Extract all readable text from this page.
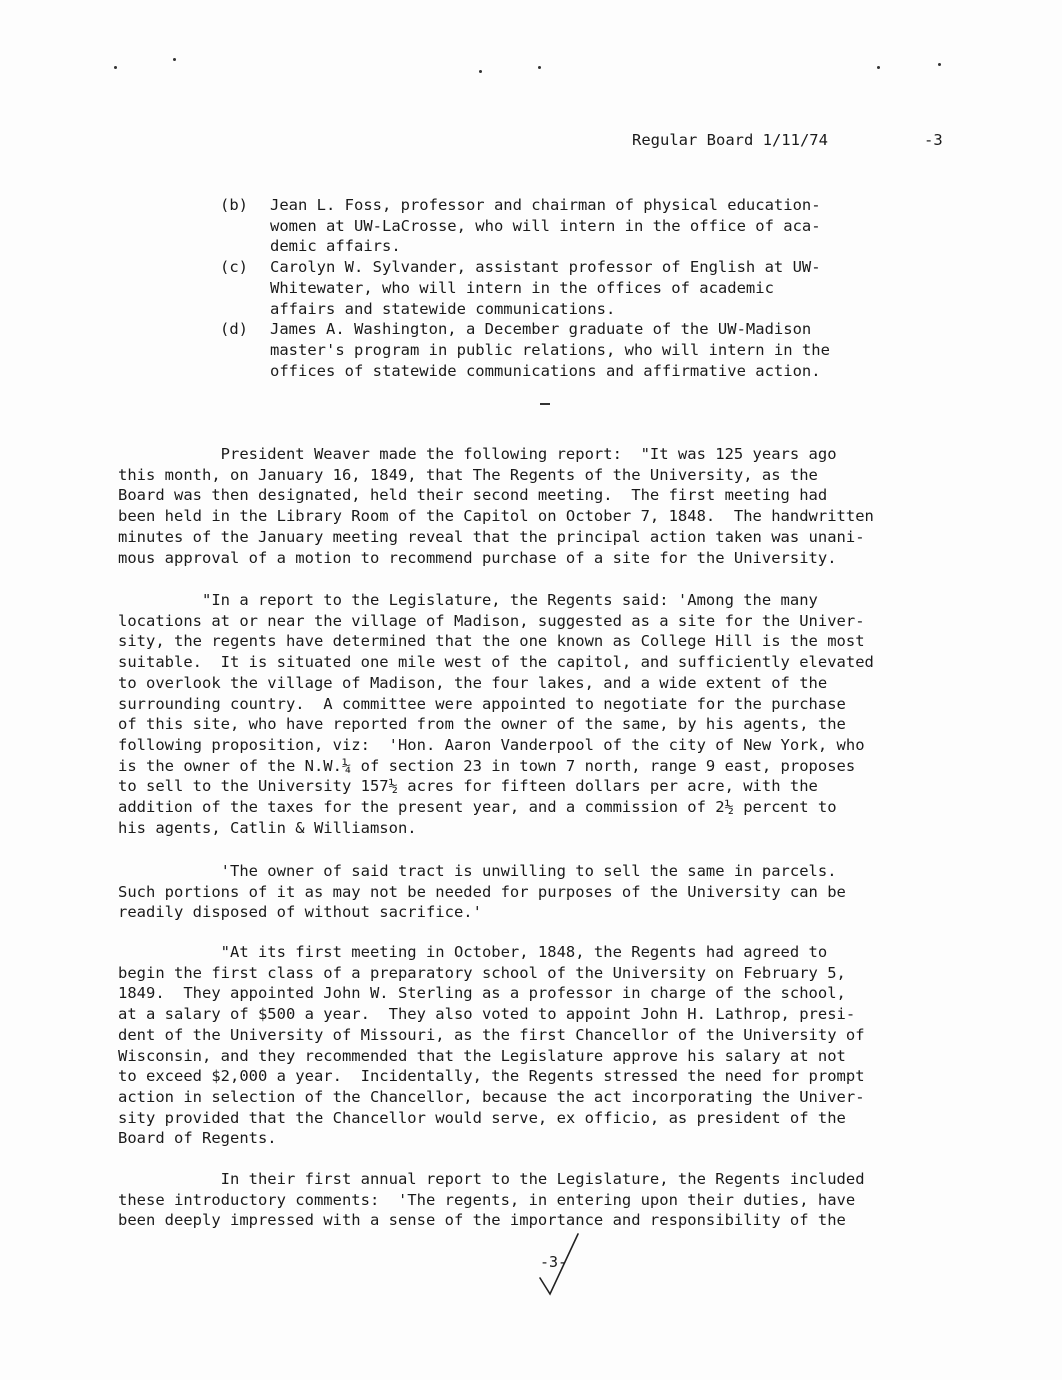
Regular Board 1/11/74	-3
(b)	Jean L. Foss, professor and chairman of physical education-
women at UW-LaCrosse, who will intern in the office of aca-
demic affairs.
(c)	Carolyn W. Sylvander, assistant professor of English at UW-
Whitewater, who will intern in the offices of academic
affairs and statewide communications.
(d)	James A. Washington, a December graduate of the UW-Madison
master's program in public relations, who will intern in the
offices of statewide communications and affirmative action.
President Weaver made the following report:  "It was 125 years ago
this month, on January 16, 1849, that The Regents of the University, as the
Board was then designated, held their second meeting.  The first meeting had
been held in the Library Room of the Capitol on October 7, 1848.  The handwritten
minutes of the January meeting reveal that the principal action taken was unani-
mous approval of a motion to recommend purchase of a site for the University.
"In a report to the Legislature, the Regents said: 'Among the many
locations at or near the village of Madison, suggested as a site for the Univer-
sity, the regents have determined that the one known as College Hill is the most
suitable.  It is situated one mile west of the capitol, and sufficiently elevated
to overlook the village of Madison, the four lakes, and a wide extent of the
surrounding country.  A committee were appointed to negotiate for the purchase
of this site, who have reported from the owner of the same, by his agents, the
following proposition, viz:  'Hon. Aaron Vanderpool of the city of New York, who
is the owner of the N.W.¼ of section 23 in town 7 north, range 9 east, proposes
to sell to the University 157½ acres for fifteen dollars per acre, with the
addition of the taxes for the present year, and a commission of 2½ percent to
his agents, Catlin & Williamson.
'The owner of said tract is unwilling to sell the same in parcels.
Such portions of it as may not be needed for purposes of the University can be
readily disposed of without sacrifice.'
"At its first meeting in October, 1848, the Regents had agreed to
begin the first class of a preparatory school of the University on February 5,
1849.  They appointed John W. Sterling as a professor in charge of the school,
at a salary of $500 a year.  They also voted to appoint John H. Lathrop, presi-
dent of the University of Missouri, as the first Chancellor of the University of
Wisconsin, and they recommended that the Legislature approve his salary at not
to exceed $2,000 a year.  Incidentally, the Regents stressed the need for prompt
action in selection of the Chancellor, because the act incorporating the Univer-
sity provided that the Chancellor would serve, ex officio, as president of the
Board of Regents.
In their first annual report to the Legislature, the Regents included
these introductory comments:  'The regents, in entering upon their duties, have
been deeply impressed with a sense of the importance and responsibility of the
-3-
